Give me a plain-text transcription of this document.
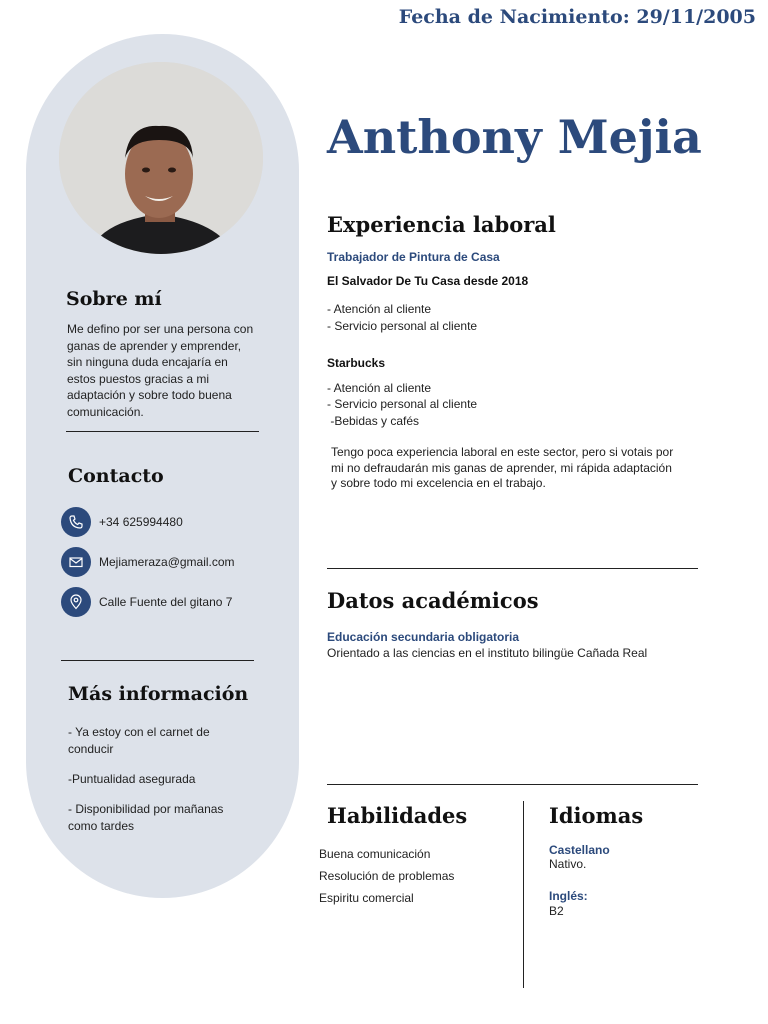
Fecha de Nacimiento: 29/11/2005
Sobre mí
Me defino por ser una persona con ganas de aprender y emprender, sin ninguna duda encajaría en estos puestos gracias a mi adaptación y sobre todo buena comunicación.
Contacto
+34 625994480
Mejiameraza@gmail.com
Calle Fuente del gitano 7
Más información
- Ya estoy con el carnet de conducir
-Puntualidad asegurada
- Disponibilidad por mañanas como tardes
Anthony Mejia
Experiencia laboral
Trabajador de Pintura de Casa
El Salvador De Tu Casa desde 2018
- Atención al cliente
- Servicio personal al cliente
Starbucks
- Atención al cliente
- Servicio personal al cliente
-Bebidas y cafés
Tengo poca experiencia laboral en este sector, pero si votais por mi no defraudarán mis ganas de aprender, mi rápida adaptación y sobre todo mi excelencia en el trabajo.
Datos académicos
Educación secundaria obligatoria
Orientado a las ciencias en el instituto bilingüe Cañada Real
Habilidades
Buena comunicación
Resolución de problemas
Espiritu comercial
Idiomas
Castellano
Nativo.
Inglés:
B2
